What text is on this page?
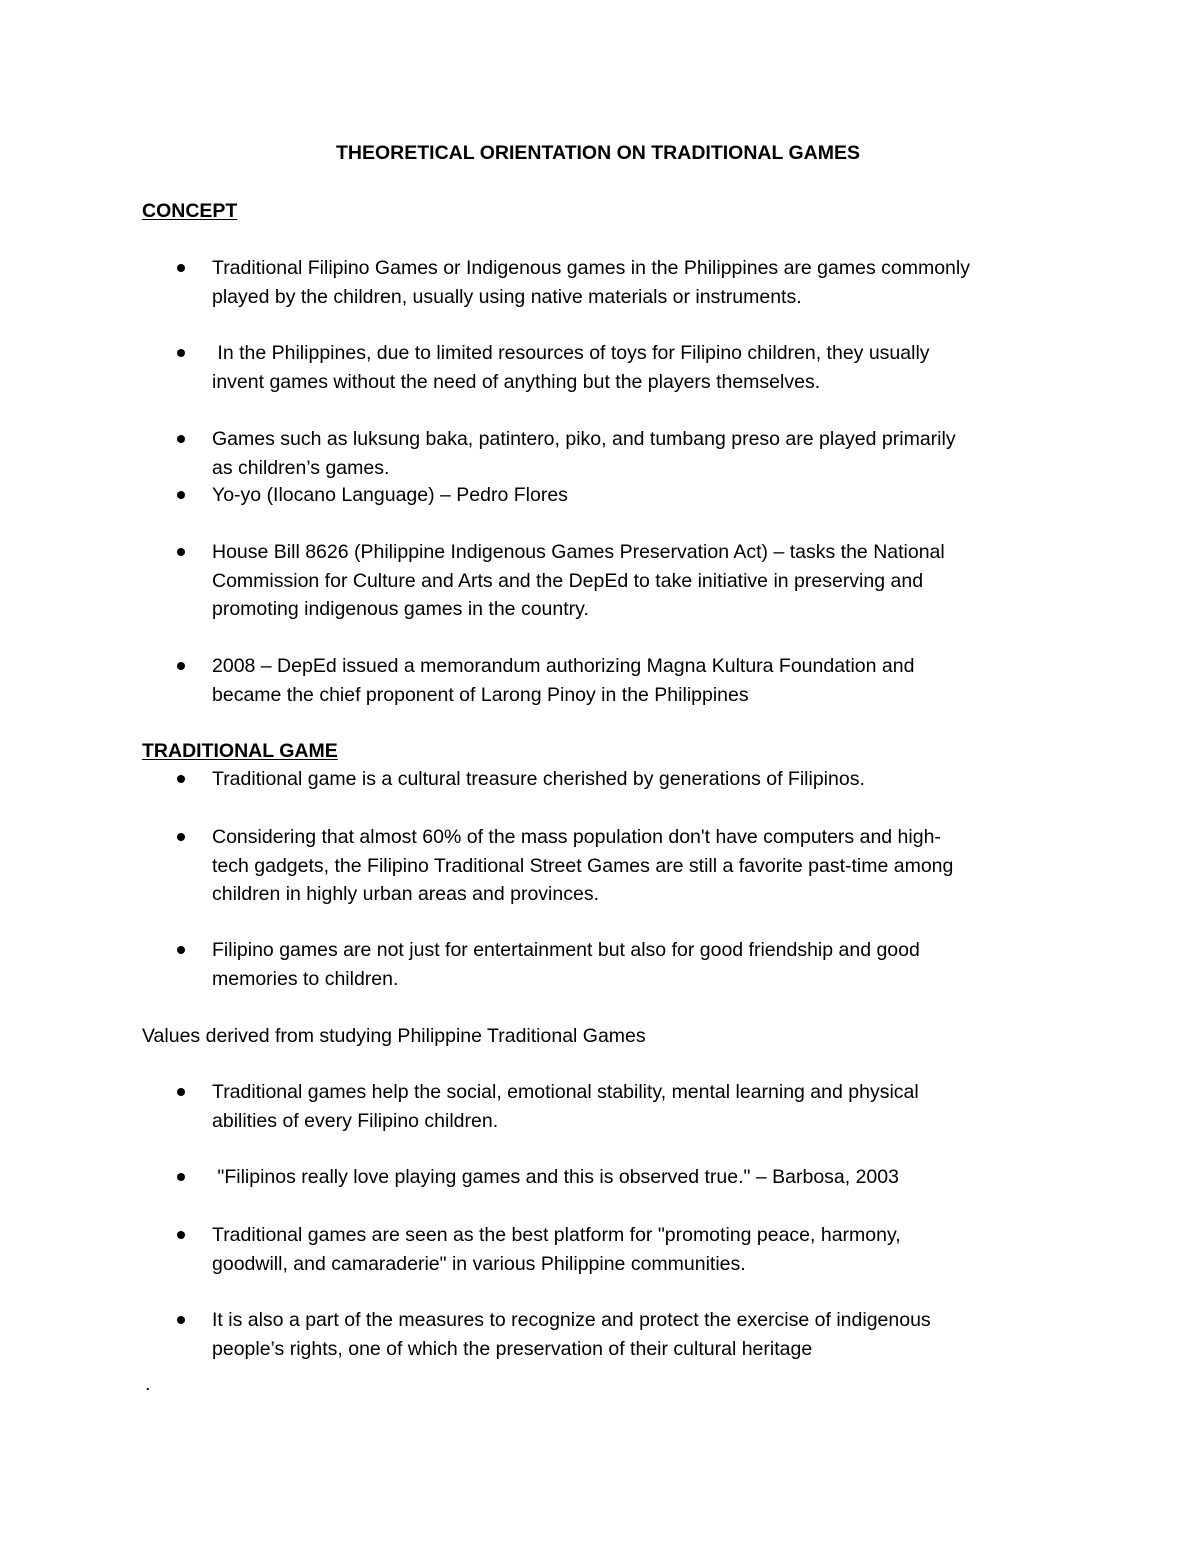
THEORETICAL ORIENTATION ON TRADITIONAL GAMES
CONCEPT
Traditional Filipino Games or Indigenous games in the Philippines are games commonly
played by the children, usually using native materials or instruments.
In the Philippines, due to limited resources of toys for Filipino children, they usually
invent games without the need of anything but the players themselves.
Games such as luksung baka, patintero, piko, and tumbang preso are played primarily
as children’s games.
Yo-yo (Ilocano Language) – Pedro Flores
House Bill 8626 (Philippine Indigenous Games Preservation Act) – tasks the National
Commission for Culture and Arts and the DepEd to take initiative in preserving and
promoting indigenous games in the country.
2008 – DepEd issued a memorandum authorizing Magna Kultura Foundation and
became the chief proponent of Larong Pinoy in the Philippines
TRADITIONAL GAME
Traditional game is a cultural treasure cherished by generations of Filipinos.
Considering that almost 60% of the mass population don't have computers and high-
tech gadgets, the Filipino Traditional Street Games are still a favorite past-time among
children in highly urban areas and provinces.
Filipino games are not just for entertainment but also for good friendship and good
memories to children.
Values derived from studying Philippine Traditional Games
Traditional games help the social, emotional stability, mental learning and physical
abilities of every Filipino children.
"Filipinos really love playing games and this is observed true." – Barbosa, 2003
Traditional games are seen as the best platform for "promoting peace, harmony,
goodwill, and camaraderie" in various Philippine communities.
It is also a part of the measures to recognize and protect the exercise of indigenous
people’s rights, one of which the preservation of their cultural heritage
.
